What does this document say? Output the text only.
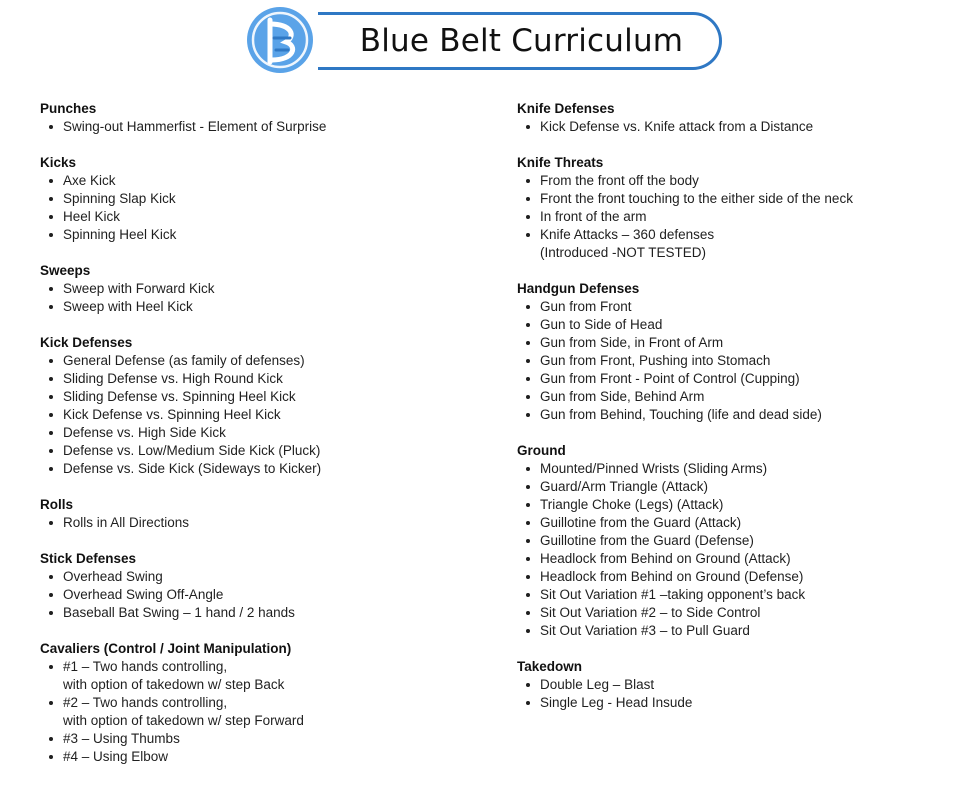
Blue Belt Curriculum
Punches
Swing-out Hammerfist - Element of Surprise
Kicks
Axe Kick
Spinning Slap Kick
Heel Kick
Spinning Heel Kick
Sweeps
Sweep with Forward Kick
Sweep with Heel Kick
Kick Defenses
General Defense (as family of defenses)
Sliding Defense vs. High Round Kick
Sliding Defense vs. Spinning Heel Kick
Kick Defense vs. Spinning Heel Kick
Defense vs. High Side Kick
Defense vs. Low/Medium Side Kick (Pluck)
Defense vs. Side Kick (Sideways to Kicker)
Rolls
Rolls in All Directions
Stick Defenses
Overhead Swing
Overhead Swing Off-Angle
Baseball Bat Swing – 1 hand / 2 hands
Cavaliers (Control / Joint Manipulation)
#1 – Two hands controlling,
with option of takedown w/ step Back
#2 – Two hands controlling,
with option of takedown w/ step Forward
#3 – Using Thumbs
#4 – Using Elbow
Knife Defenses
Kick Defense vs. Knife attack from a Distance
Knife Threats
From the front off the body
Front the front touching to the either side of the neck
In front of the arm
Knife Attacks – 360 defenses
(Introduced -NOT TESTED)
Handgun Defenses
Gun from Front
Gun to Side of Head
Gun from Side, in Front of Arm
Gun from Front, Pushing into Stomach
Gun from Front - Point of Control (Cupping)
Gun from Side, Behind Arm
Gun from Behind, Touching (life and dead side)
Ground
Mounted/Pinned Wrists (Sliding Arms)
Guard/Arm Triangle (Attack)
Triangle Choke (Legs) (Attack)
Guillotine from the Guard (Attack)
Guillotine from the Guard (Defense)
Headlock from Behind on Ground (Attack)
Headlock from Behind on Ground (Defense)
Sit Out Variation #1 –taking opponent’s back
Sit Out Variation #2 – to Side Control
Sit Out Variation #3 – to Pull Guard
Takedown
Double Leg – Blast
Single Leg - Head Insude
